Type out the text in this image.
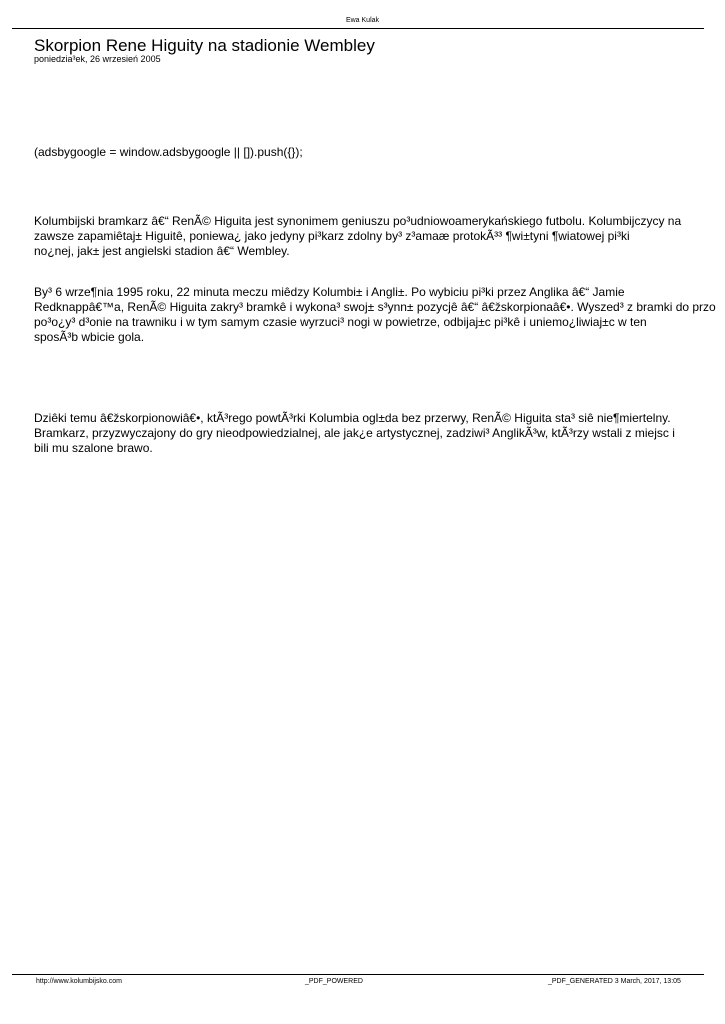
Ewa Kulak
Skorpion Rene Higuity na stadionie Wembley
poniedzia³ek, 26 wrzesień 2005
(adsbygoogle = window.adsbygoogle || []).push({});
Kolumbijski bramkarz â€“ RenÃ© Higuita jest synonimem geniuszu po³udniowoamerykańskiego futbolu. Kolumbijczycy na
zawsze zapamiêtaj± Higuitê, poniewa¿ jako jedyny pi³karz zdolny by³ z³amaæ protokÃ³³ ¶wi±tyni ¶wiatowej pi³ki
no¿nej, jak± jest angielski stadion â€“ Wembley.
By³ 6 wrze¶nia 1995 roku, 22 minuta meczu miêdzy Kolumbi± i Angli±. Po wybiciu pi³ki przez Anglika â€“ Jamie
Redknappâ€™a, RenÃ© Higuita zakry³ bramkê i wykona³ swoj± s³ynn± pozycjê â€“ â€žskorpionaâ€•. Wyszed³ z bramki do przo
po³o¿y³ d³onie na trawniku i w tym samym czasie wyrzuci³ nogi w powietrze, odbijaj±c pi³kê i uniemo¿liwiaj±c w ten
sposÃ³b wbicie gola.
Dziêki temu â€žskorpionowiâ€•, ktÃ³rego powtÃ³rki Kolumbia ogl±da bez przerwy, RenÃ© Higuita sta³ siê nie¶miertelny.
Bramkarz, przyzwyczajony do gry nieodpowiedzialnej, ale jak¿e artystycznej, zadziwi³ AnglikÃ³w, ktÃ³rzy wstali z miejsc i
bili mu szalone brawo.
http://www.kolumbijsko.com	_PDF_POWERED	_PDF_GENERATED 3 March, 2017, 13:05
